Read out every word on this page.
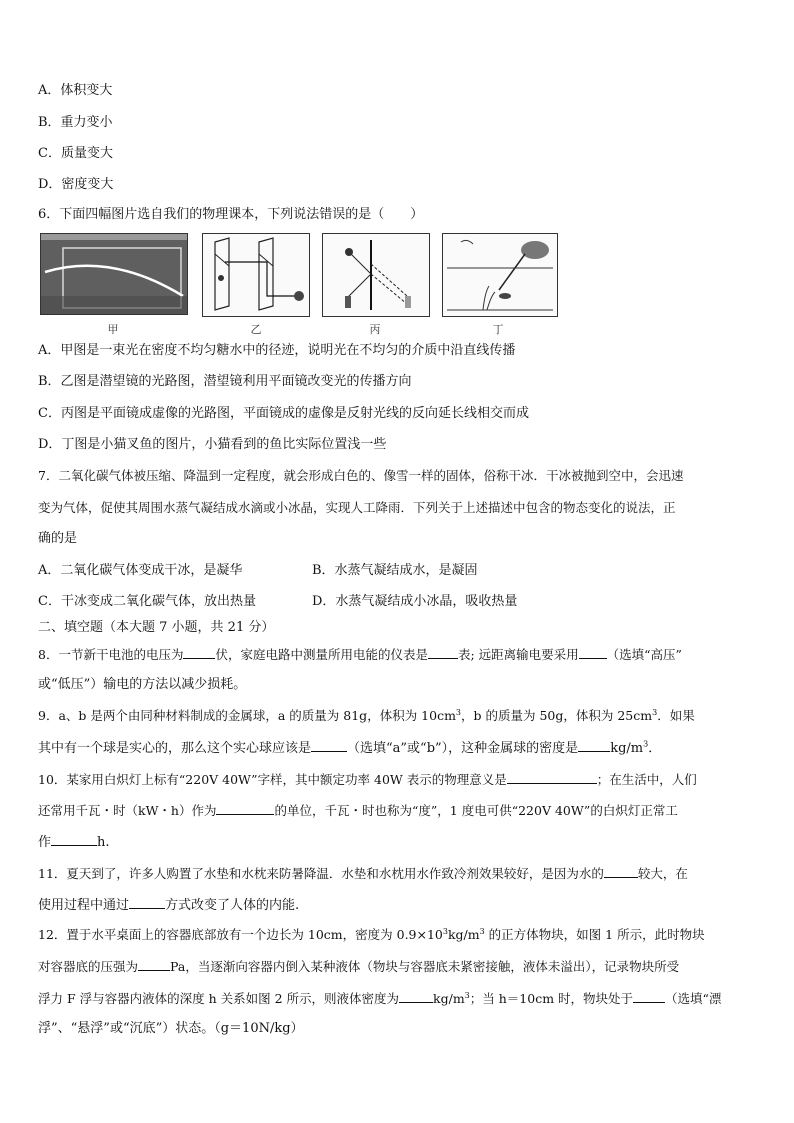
A．体积变大
B．重力变小
C．质量变大
D．密度变大
6．下面四幅图片选自我们的物理课本，下列说法错误的是（　　）
甲	乙	丙	丁
A．甲图是一束光在密度不均匀糖水中的径迹，说明光在不均匀的介质中沿直线传播
B．乙图是潜望镜的光路图，潜望镜利用平面镜改变光的传播方向
C．丙图是平面镜成虚像的光路图，平面镜成的虚像是反射光线的反向延长线相交而成
D．丁图是小猫叉鱼的图片，小猫看到的鱼比实际位置浅一些
7．二氧化碳气体被压缩、降温到一定程度，就会形成白色的、像雪一样的固体，俗称干冰．干冰被抛到空中，会迅速
变为气体，促使其周围水蒸气凝结成水滴或小冰晶，实现人工降雨．下列关于上述描述中包含的物态变化的说法，正
确的是
A．二氧化碳气体变成干冰，是凝华	B．水蒸气凝结成水，是凝固
C．干冰变成二氧化碳气体，放出热量	D．水蒸气凝结成小冰晶，吸收热量
二、填空题（本大题 7 小题，共 21 分）
8．一节新干电池的电压为	伏，家庭电路中测量所用电能的仪表是 表; 远距离输电要采用 （选填“高压”
或“低压”）输电的方法以减少损耗。
9．a、b 是两个由同种材料制成的金属球，a 的质量为 81g，体积为 $10cm^3$，b 的质量为 50g，体积为 $25cm^3$．如果
其中有一个球是实心的，那么这个实心球应该是	（选填“a”或“b”），这种金属球的密度是 $kg/m^3$．
10．某家用白炽灯上标有“220V 40W”字样，其中额定功率 40W 表示的物理意义是	；在生活中，人们
还常用千瓦・时（kW・h）作为	的单位，千瓦・时也称为“度”，1 度电可供“220V 40W”的白炽灯正常工
作	h.
11．夏天到了，许多人购置了水垫和水枕来防暑降温．水垫和水枕用水作致冷剂效果较好，是因为水的	较大，在
使用过程中通过	方式改变了人体的内能.
12．置于水平桌面上的容器底部放有一个边长为 10cm，密度为 $0.9\times 10^3kg/m^3$ 的正方体物块，如图 1 所示，此时物块
对容器底的压强为	Pa，当逐渐向容器内倒入某种液体（物块与容器底未紧密接触，液体未溢出），记录物块所受
浮力 F 浮与容器内液体的深度 h 关系如图 2 所示，则液体密度为	$kg/m^3$；当 h＝10cm 时，物块处于	（选填“漂
浮”、“悬浮”或“沉底”）状态。（g＝10N/kg）
